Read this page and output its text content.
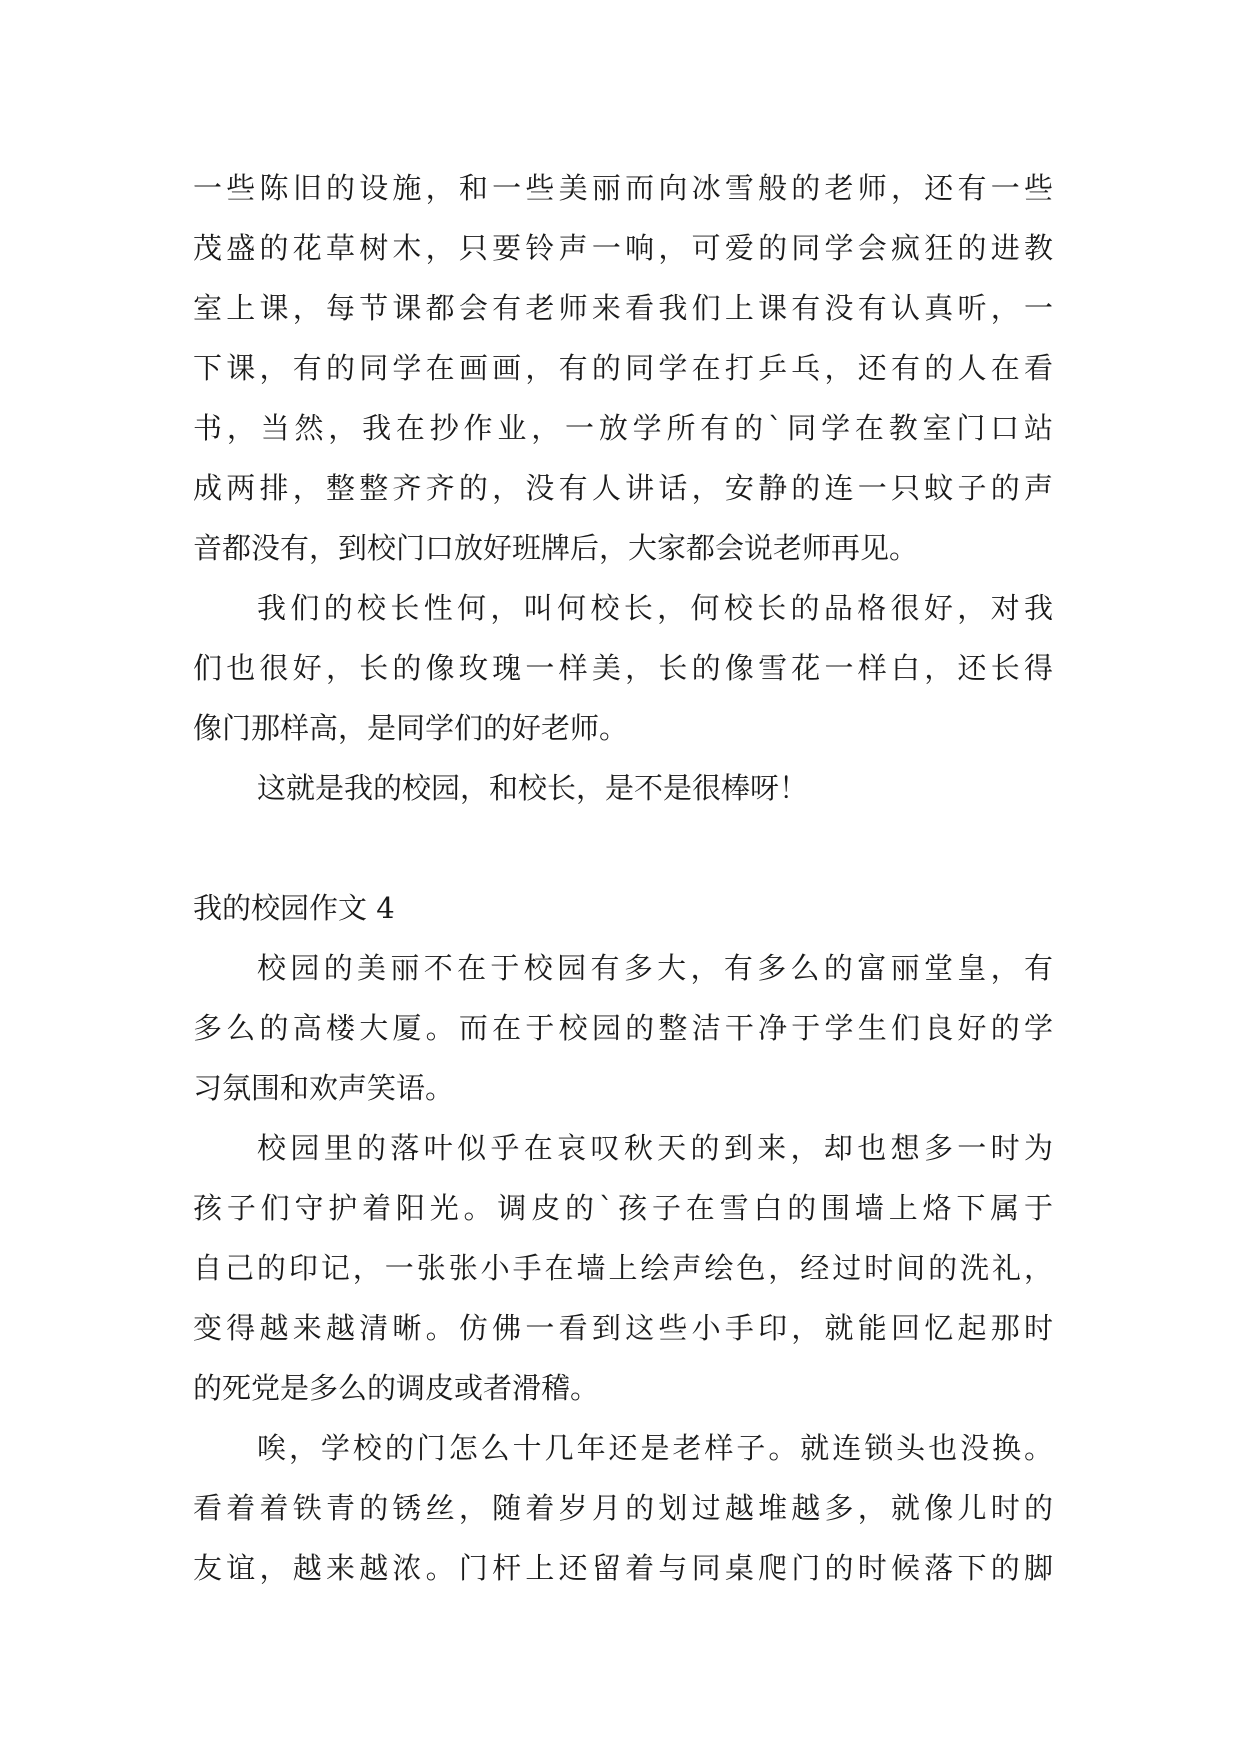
一些陈旧的设施，和一些美丽而向冰雪般的老师，还有一些
茂盛的花草树木，只要铃声一响，可爱的同学会疯狂的进教
室上课，每节课都会有老师来看我们上课有没有认真听，一
下课，有的同学在画画，有的同学在打乒乓，还有的人在看
书，当然，我在抄作业，一放学所有的`同学在教室门口站
成两排，整整齐齐的，没有人讲话，安静的连一只蚊子的声
音都没有，到校门口放好班牌后，大家都会说老师再见。
我们的校长性何，叫何校长，何校长的品格很好，对我
们也很好，长的像玫瑰一样美，长的像雪花一样白，还长得
像门那样高，是同学们的好老师。
这就是我的校园，和校长，是不是很棒呀！
我的校园作文 4
校园的美丽不在于校园有多大，有多么的富丽堂皇，有
多么的高楼大厦。而在于校园的整洁干净于学生们良好的学
习氛围和欢声笑语。
校园里的落叶似乎在哀叹秋天的到来，却也想多一时为
孩子们守护着阳光。调皮的`孩子在雪白的围墙上烙下属于
自己的印记，一张张小手在墙上绘声绘色，经过时间的洗礼，
变得越来越清晰。仿佛一看到这些小手印，就能回忆起那时
的死党是多么的调皮或者滑稽。
唉，学校的门怎么十几年还是老样子。就连锁头也没换。
看着着铁青的锈丝，随着岁月的划过越堆越多，就像儿时的
友谊，越来越浓。门杆上还留着与同桌爬门的时候落下的脚
